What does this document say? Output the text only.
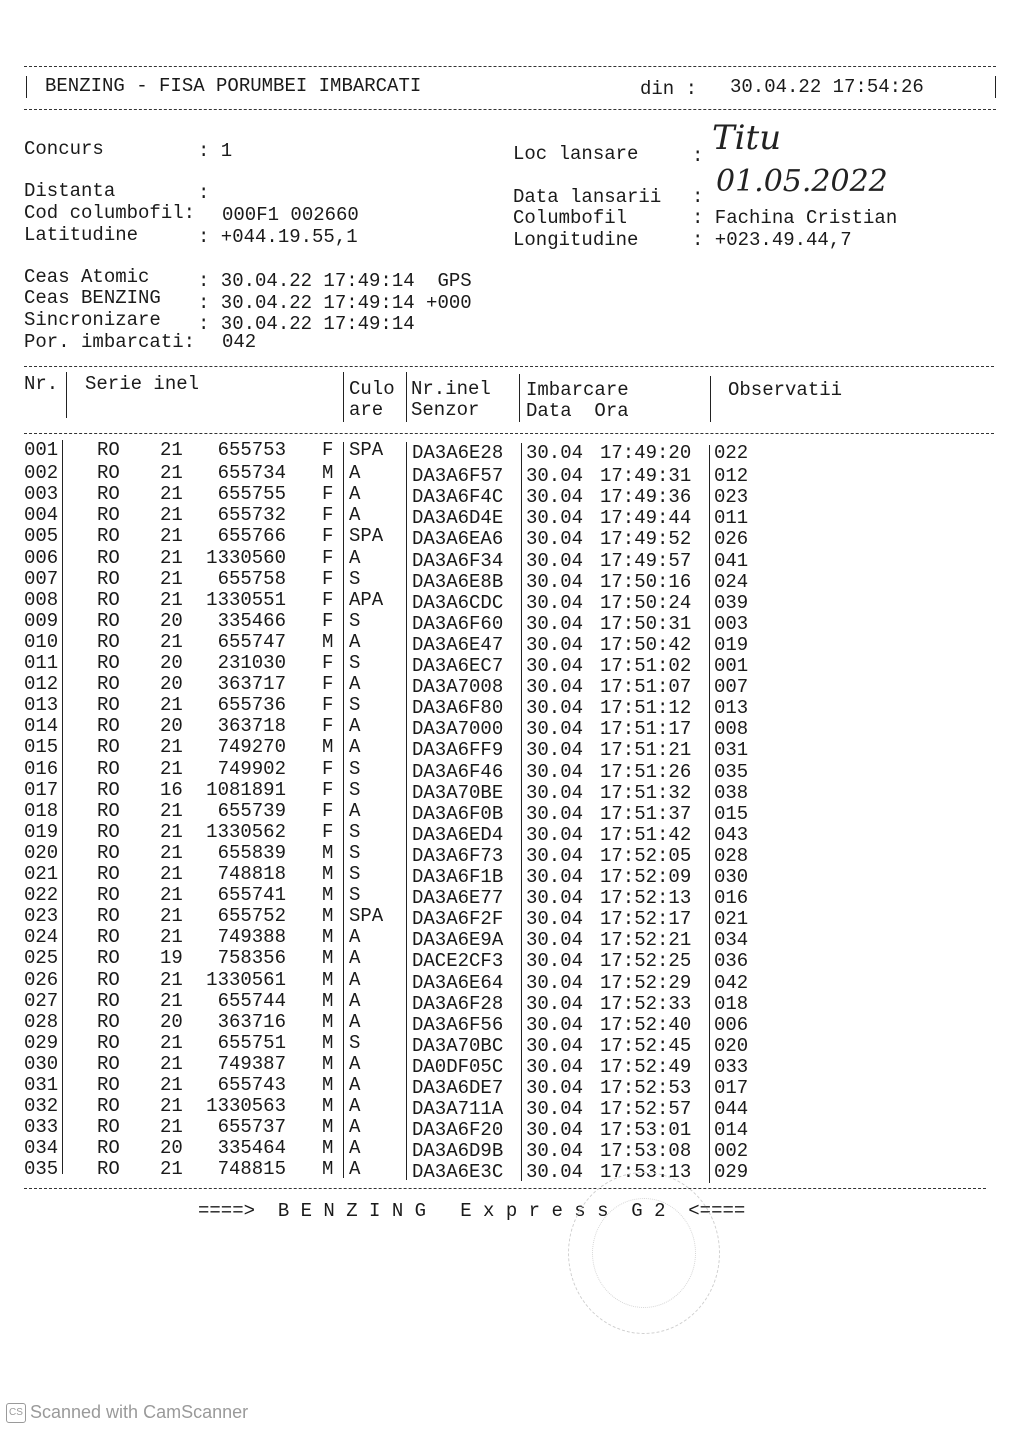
BENZING - FISA PORUMBEI IMBARCATI	din : 30.04.22 17:54:26
Concurs	: 1
Distanta	:
Cod columbofil: 000F1 002660
Latitudine	: +044.19.55,1
Loc lansare	: Titu
Data lansarii : 01.05.2022
Columbofil	: Fachina Cristian
Longitudine	: +023.49.44,7
Ceas Atomic	: 30.04.22 17:49:14  GPS
Ceas BENZING : 30.04.22 17:49:14 +000
Sincronizare : 30.04.22 17:49:14
Por. imbarcati: 042
Nr. Serie inel	Culo
are
Nr.inel
Senzor
Imbarcare
Data  Ora
Observatii
001 RO 21 655753 F SPA DA3A6E28 30.04 17:49:20 022
002 RO 21 655734 M A	DA3A6F57 30.04 17:49:31 012
003 RO 21 655755 F A	DA3A6F4C 30.04 17:49:36 023
004 RO 21 655732 F A	DA3A6D4E 30.04 17:49:44 011
005 RO 21 655766 F SPA DA3A6EA6 30.04 17:49:52 026
006 RO 21 1330560 F A	DA3A6F34 30.04 17:49:57 041
007 RO 21 655758 F S	DA3A6E8B 30.04 17:50:16 024
008 RO 21 1330551 F APA DA3A6CDC 30.04 17:50:24 039
009 RO 20 335466 F S	DA3A6F60 30.04 17:50:31 003
010 RO 21 655747 M A	DA3A6E47 30.04 17:50:42 019
011 RO 20 231030 F S	DA3A6EC7 30.04 17:51:02 001
012 RO 20 363717 F A	DA3A7008 30.04 17:51:07 007
013 RO 21 655736 F S	DA3A6F80 30.04 17:51:12 013
014 RO 20 363718 F A	DA3A7000 30.04 17:51:17 008
015 RO 21 749270 M A	DA3A6FF9 30.04 17:51:21 031
016 RO 21 749902 F S	DA3A6F46 30.04 17:51:26 035
017 RO 16 1081891 F S	DA3A70BE 30.04 17:51:32 038
018 RO 21 655739 F A	DA3A6F0B 30.04 17:51:37 015
019 RO 21 1330562 F S	DA3A6ED4 30.04 17:51:42 043
020 RO 21 655839 M S	DA3A6F73 30.04 17:52:05 028
021 RO 21 748818 M S	DA3A6F1B 30.04 17:52:09 030
022 RO 21 655741 M S	DA3A6E77 30.04 17:52:13 016
023 RO 21 655752 M SPA DA3A6F2F 30.04 17:52:17 021
024 RO 21 749388 M A	DA3A6E9A 30.04 17:52:21 034
025 RO 19 758356 M A	DACE2CF3 30.04 17:52:25 036
026 RO 21 1330561 M A	DA3A6E64 30.04 17:52:29 042
027 RO 21 655744 M A	DA3A6F28 30.04 17:52:33 018
028 RO 20 363716 M A	DA3A6F56 30.04 17:52:40 006
029 RO 21 655751 M S	DA3A70BC 30.04 17:52:45 020
030 RO 21 749387 M A	DA0DF05C 30.04 17:52:49 033
031 RO 21 655743 M A	DA3A6DE7 30.04 17:52:53 017
032 RO 21 1330563 M A	DA3A711A 30.04 17:52:57 044
033 RO 21 655737 M A	DA3A6F20 30.04 17:53:01 014
034 RO 20 335464 M A	DA3A6D9B 30.04 17:53:08 002
035 RO 21 748815 M A	DA3A6E3C 30.04 17:53:13 029
====>  B E N Z I N G   E x p r e s s  G 2  <====
CS Scanned with CamScanner
